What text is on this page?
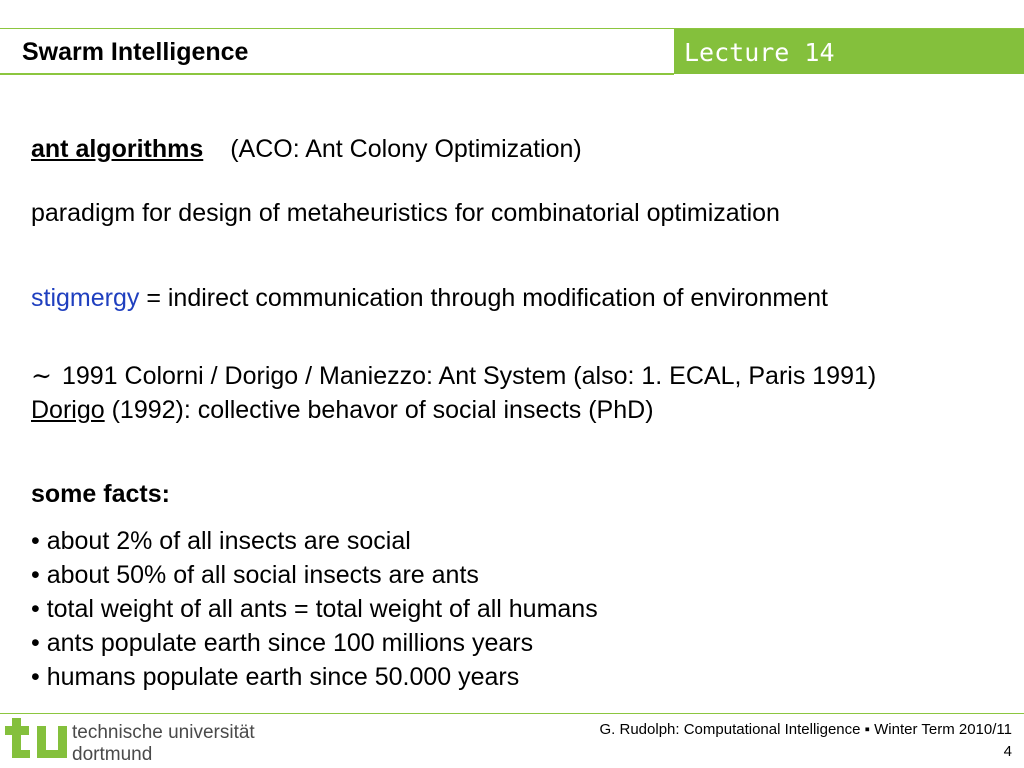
Swarm Intelligence	Lecture 14
ant algorithms (ACO: Ant Colony Optimization)
paradigm for design of metaheuristics for combinatorial optimization
stigmergy = indirect communication through modification of environment
∼ 1991 Colorni / Dorigo / Maniezzo: Ant System (also: 1. ECAL, Paris 1991)
Dorigo (1992): collective behavor of social insects (PhD)
some facts:
• about 2% of all insects are social
• about 50% of all social insects are ants
• total weight of all ants = total weight of all humans
• ants populate earth since 100 millions years
• humans populate earth since 50.000 years
tu
technische universität
dortmund
G. Rudolph: Computational Intelligence ▪ Winter Term 2010/11
4
